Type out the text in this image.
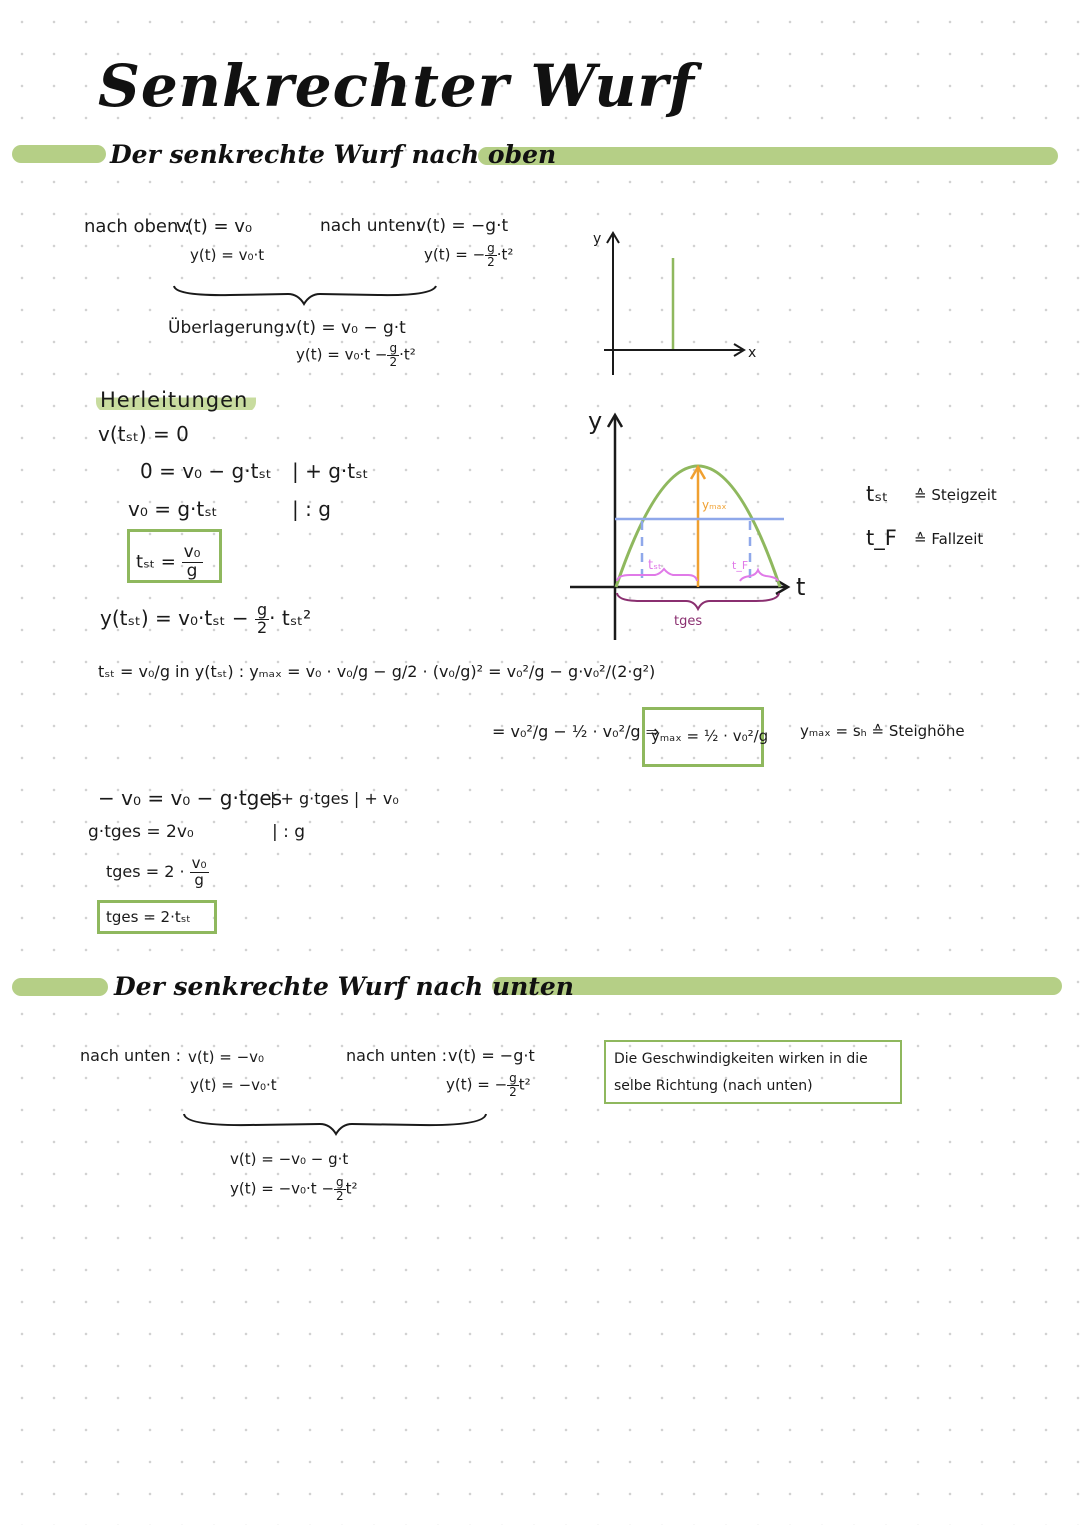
Senkrechter Wurf
Der senkrechte Wurf nach oben
nach oben :
v(t) = v₀
y(t) = v₀·t
nach unten:
v(t) = −g·t
y(t) = − $\frac{g}{2} \cdot t^2$
Überlagerung:
v(t) = v₀ − g·t
$y(t) = v_0\cdot t - \frac{g}{2} \cdot t^2$
y
x
Herleitungen
v(tₛₜ) = 0
0 = v₀ − g·tₛₜ | + g·tₛₜ
v₀ = g·tₛₜ	| : g
$t_{st} = \frac{\text{v₀}}{g}$
$y(t_{st}) = v_0\cdot t_{st} - \frac{g}{2} \cdot t_{st}^2$
tₛₜ = v₀/g in y(tₛₜ) : yₘₐₓ = v₀ · v₀/g − g/2 · (v₀/g)² = v₀²/g − g·v₀²/(2·g²)
= v₀²/g − ½ · v₀²/g ⇒
yₘₐₓ = ½ · v₀²/g yₘₐₓ = sₕ ≙ Steighöhe
− v₀ = v₀ − g·tges
| + g·tges | + v₀
g·tges = 2v₀	| : g
tges = $2 \cdot \frac{\text{v₀}}{g}$
tges = 2·tₛₜ
y
t
yₘₐₓ
tₛₜ	t_F
tges
tₛₜ ≙ Steigzeit
t_F ≙ Fallzeit
Der senkrechte Wurf nach unten
nach unten : v(t) = −v₀
y(t) = −v₀·t
nach unten : v(t) = −g·t
y(t) = − $\frac{g}{2} t^2$
v(t) = −v₀ − g·t
$y(t) = -v_0\cdot t - \frac{g}{2} t^2$
Die Geschwindigkeiten wirken in die selbe Richtung (nach unten)
